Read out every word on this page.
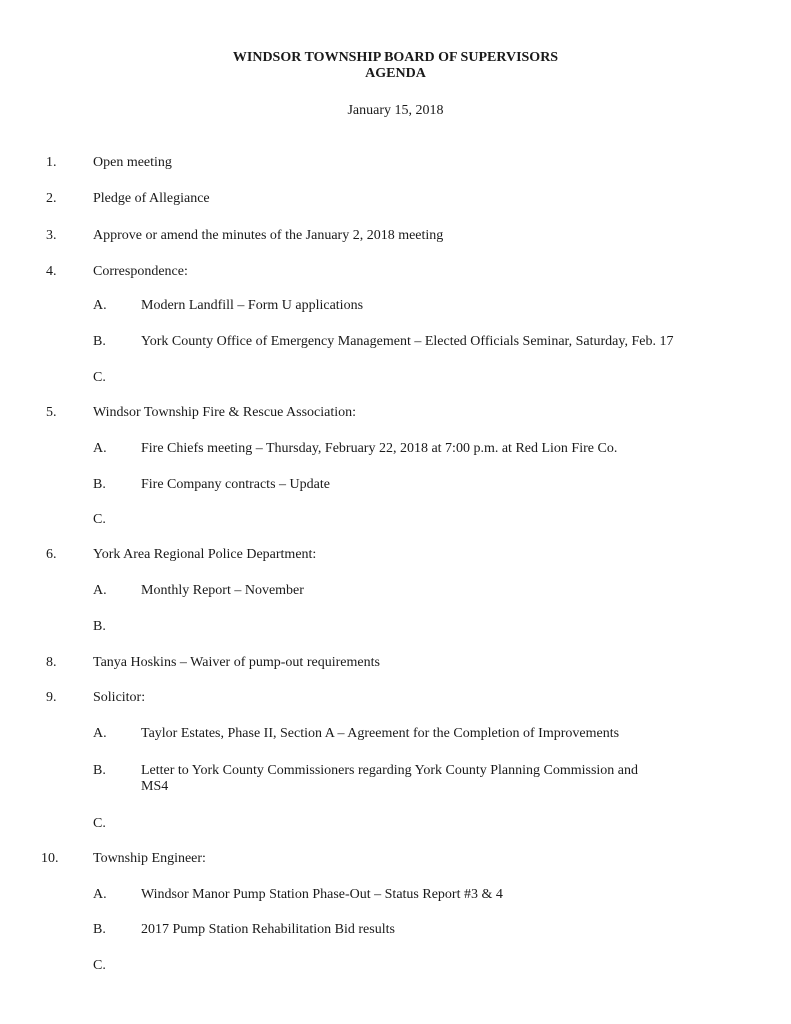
WINDSOR TOWNSHIP BOARD OF SUPERVISORS
AGENDA
January 15, 2018
1.	Open meeting
2.	Pledge of Allegiance
3.	Approve or amend the minutes of the January 2, 2018 meeting
4.	Correspondence:
A. Modern Landfill – Form U applications
B.	York County Office of Emergency Management – Elected Officials Seminar, Saturday, Feb. 17
C.
5.	Windsor Township Fire & Rescue Association:
A. Fire Chiefs meeting – Thursday, February 22, 2018 at 7:00 p.m. at Red Lion Fire Co.
B.	Fire Company contracts – Update
C.
6.	York Area Regional Police Department:
A. Monthly Report – November
B.
8.	Tanya Hoskins – Waiver of pump-out requirements
9.	Solicitor:
A. Taylor Estates, Phase II, Section A – Agreement for the Completion of Improvements
B.	Letter to York County Commissioners regarding York County Planning Commission and
MS4
C.
10. Township Engineer:
A. Windsor Manor Pump Station Phase-Out – Status Report #3 & 4
B.	2017 Pump Station Rehabilitation Bid results
C.
